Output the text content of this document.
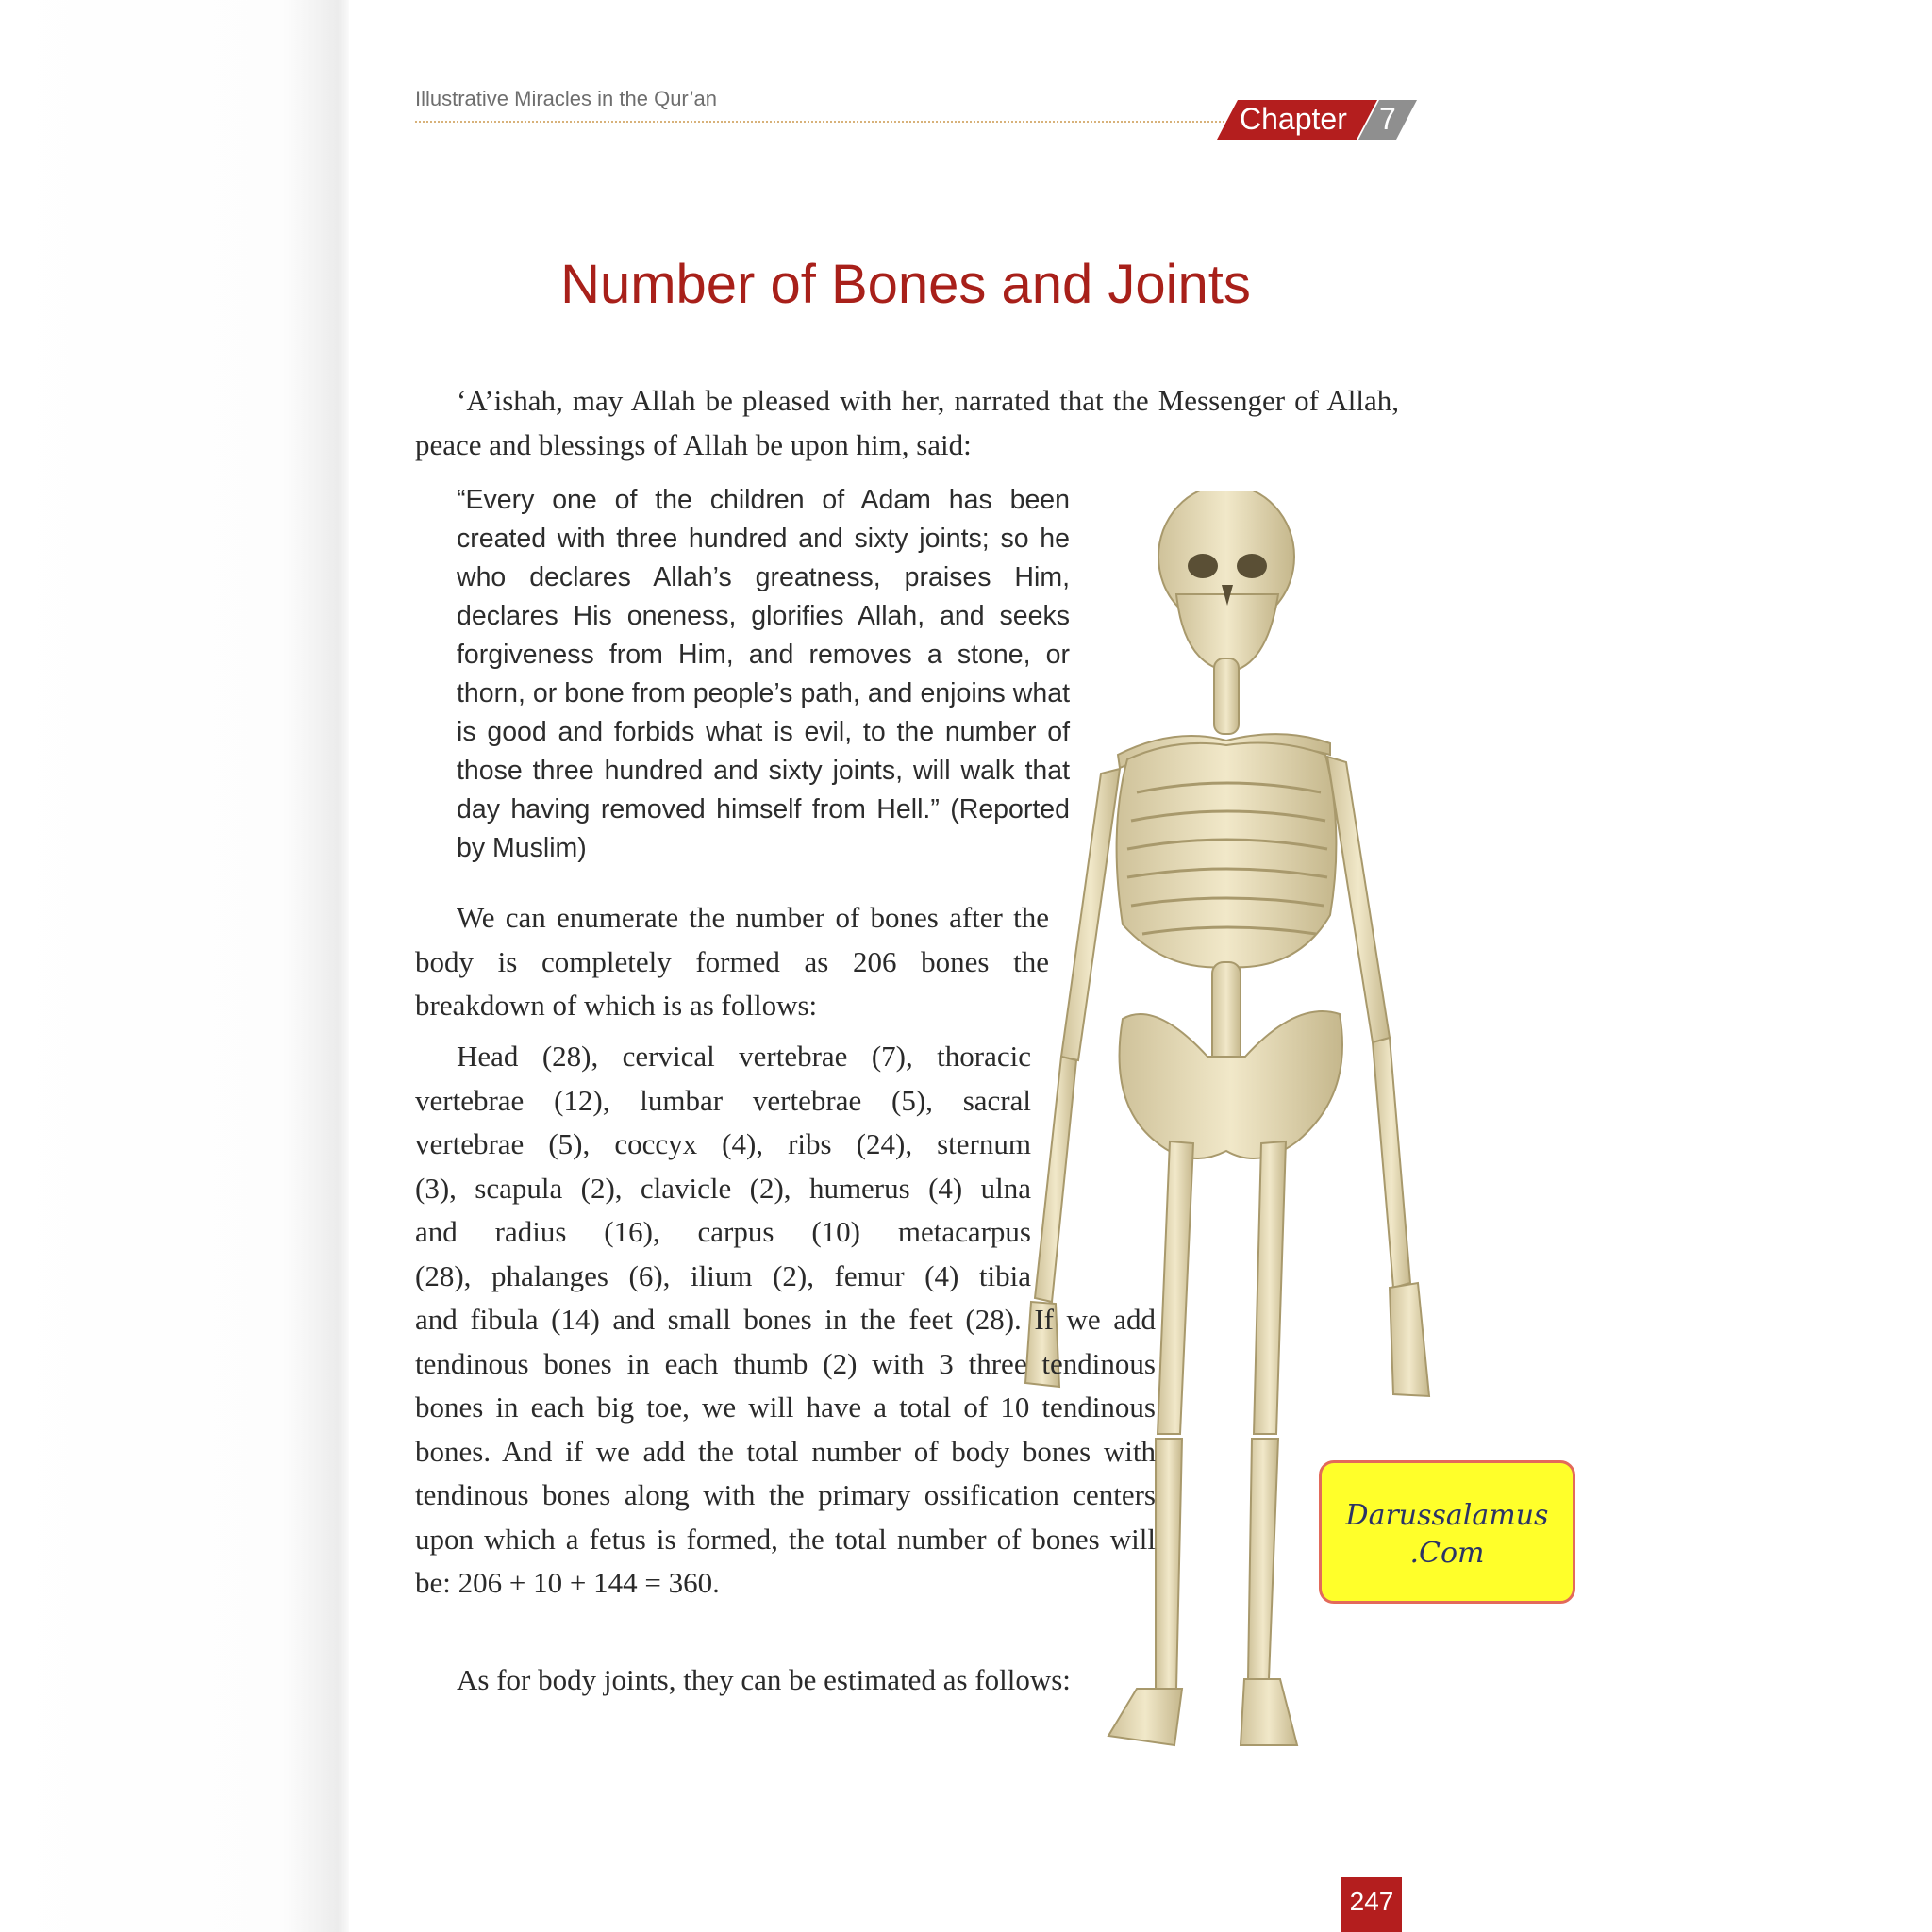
Illustrative Miracles in the Qur’an
Chapter 7
Number of Bones and Joints

‘A’ishah, may Allah be pleased with her, narrated that the Messenger of Allah, peace and blessings of Allah be upon him, said:

“Every one of the children of Adam has been created with three hundred and sixty joints; so he who declares Allah’s greatness, praises Him, declares His oneness, glorifies Allah, and seeks forgiveness from Him, and removes a stone, or thorn, or bone from people’s path, and enjoins what is good and forbids what is evil, to the number of those three hundred and sixty joints, will walk that day having removed himself from Hell.” (Reported by Muslim)

We can enumerate the number of bones after the body is completely formed as 206 bones the breakdown of which is as follows:

Head (28), cervical vertebrae (7), thoracic
vertebrae (12), lumbar vertebrae (5), sacral
vertebrae (5), coccyx (4), ribs (24), sternum
(3), scapula (2), clavicle (2), humerus (4) ulna
and radius (16), carpus (10) metacarpus
(28), phalanges (6), ilium (2), femur (4) tibia

and fibula (14) and small bones in the feet (28). If we add tendinous bones in each thumb (2) with 3 three tendinous bones in each big toe, we will have a total of 10 tendinous bones. And if we add the total number of body bones with tendinous bones along with the primary ossification centers upon which a fetus is formed, the total number of bones will be: 206 + 10 + 144 = 360.

As for body joints, they can be estimated as follows:

Darussalamus
.Com
247
